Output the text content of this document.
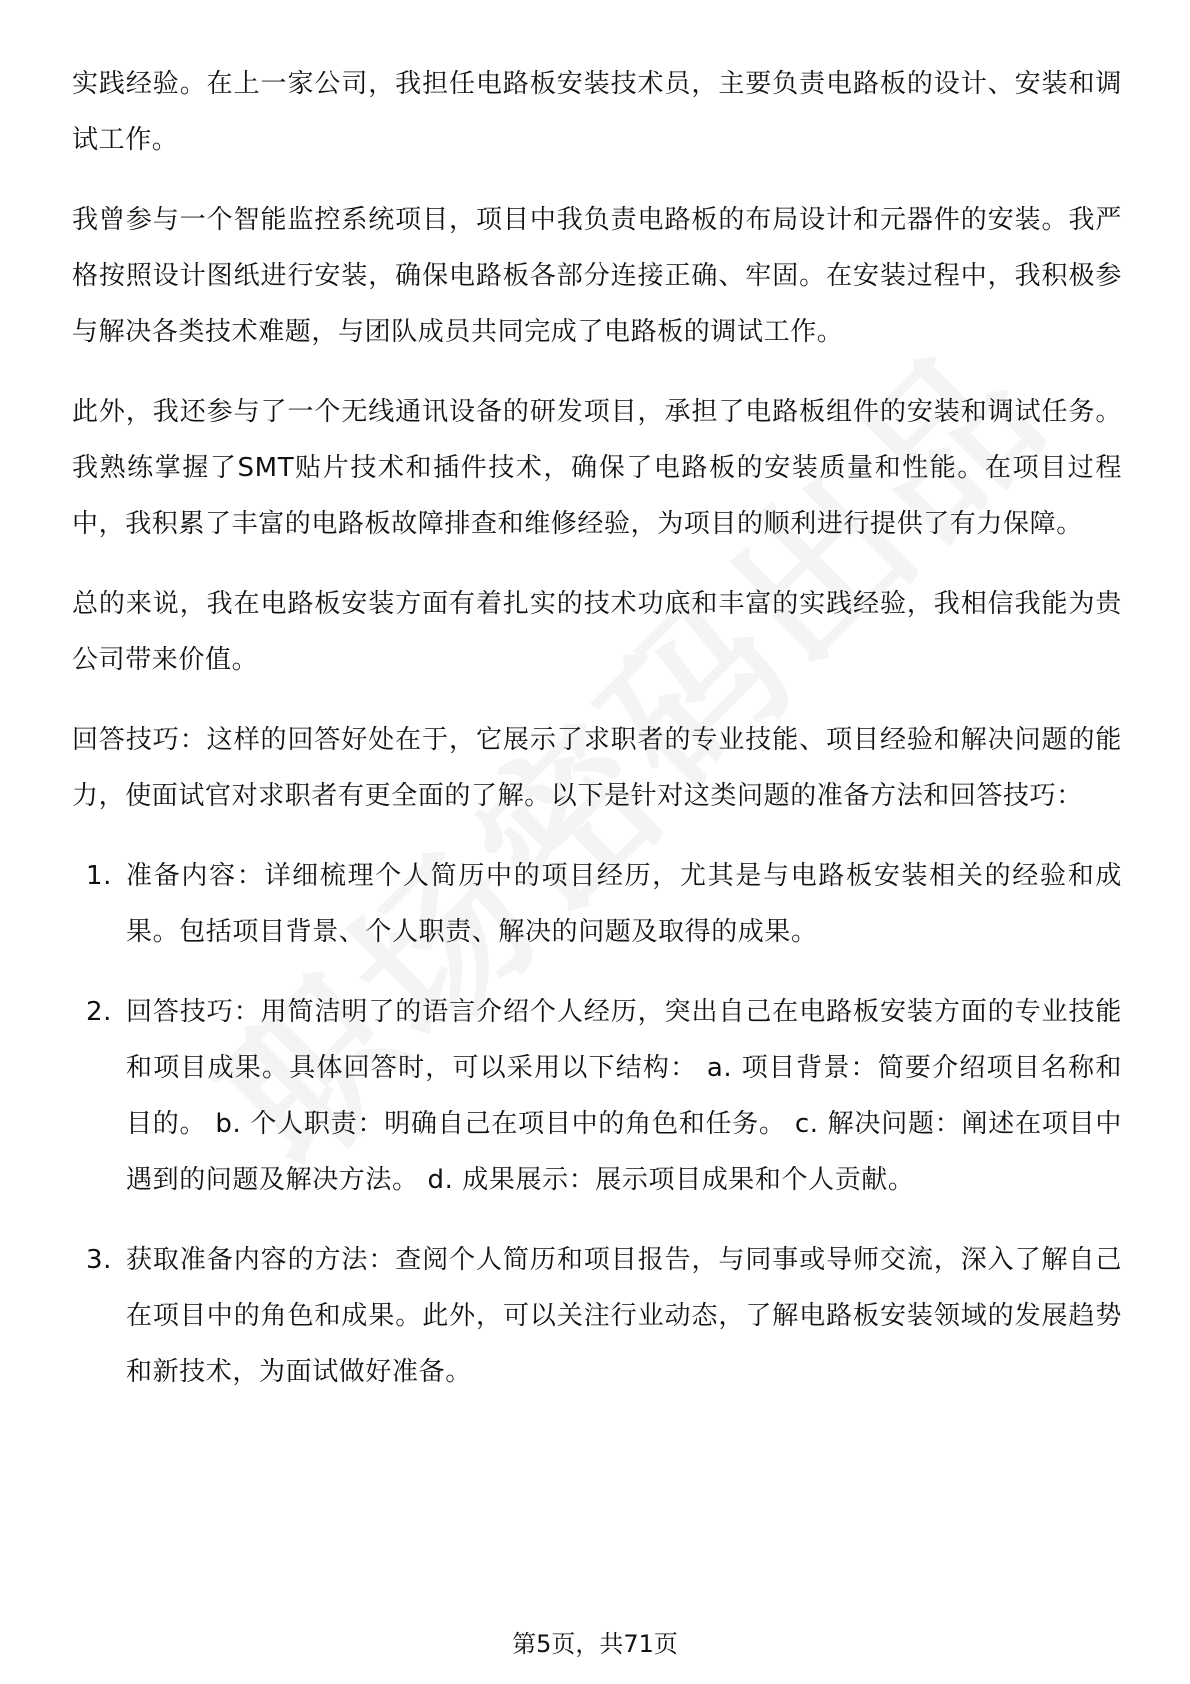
实践经验。在上一家公司，我担任电路板安装技术员，主要负责电路板的设计、安装和调试工作。

我曾参与一个智能监控系统项目，项目中我负责电路板的布局设计和元器件的安装。我严格按照设计图纸进行安装，确保电路板各部分连接正确、牢固。在安装过程中，我积极参与解决各类技术难题，与团队成员共同完成了电路板的调试工作。

此外，我还参与了一个无线通讯设备的研发项目，承担了电路板组件的安装和调试任务。我熟练掌握了SMT贴片技术和插件技术，确保了电路板的安装质量和性能。在项目过程中，我积累了丰富的电路板故障排查和维修经验，为项目的顺利进行提供了有力保障。

总的来说，我在电路板安装方面有着扎实的技术功底和丰富的实践经验，我相信我能为贵公司带来价值。

回答技巧：这样的回答好处在于，它展示了求职者的专业技能、项目经验和解决问题的能力，使面试官对求职者有更全面的了解。以下是针对这类问题的准备方法和回答技巧：

1. 准备内容：详细梳理个人简历中的项目经历，尤其是与电路板安装相关的经验和成果。包括项目背景、个人职责、解决的问题及取得的成果。
2. 回答技巧：用简洁明了的语言介绍个人经历，突出自己在电路板安装方面的专业技能和项目成果。具体回答时，可以采用以下结构： a. 项目背景：简要介绍项目名称和目的。 b. 个人职责：明确自己在项目中的角色和任务。 c. 解决问题：阐述在项目中遇到的问题及解决方法。 d. 成果展示：展示项目成果和个人贡献。
3. 获取准备内容的方法：查阅个人简历和项目报告，与同事或导师交流，深入了解自己在项目中的角色和成果。此外，可以关注行业动态，了解电路板安装领域的发展趋势和新技术，为面试做好准备。
第5页，共71页
